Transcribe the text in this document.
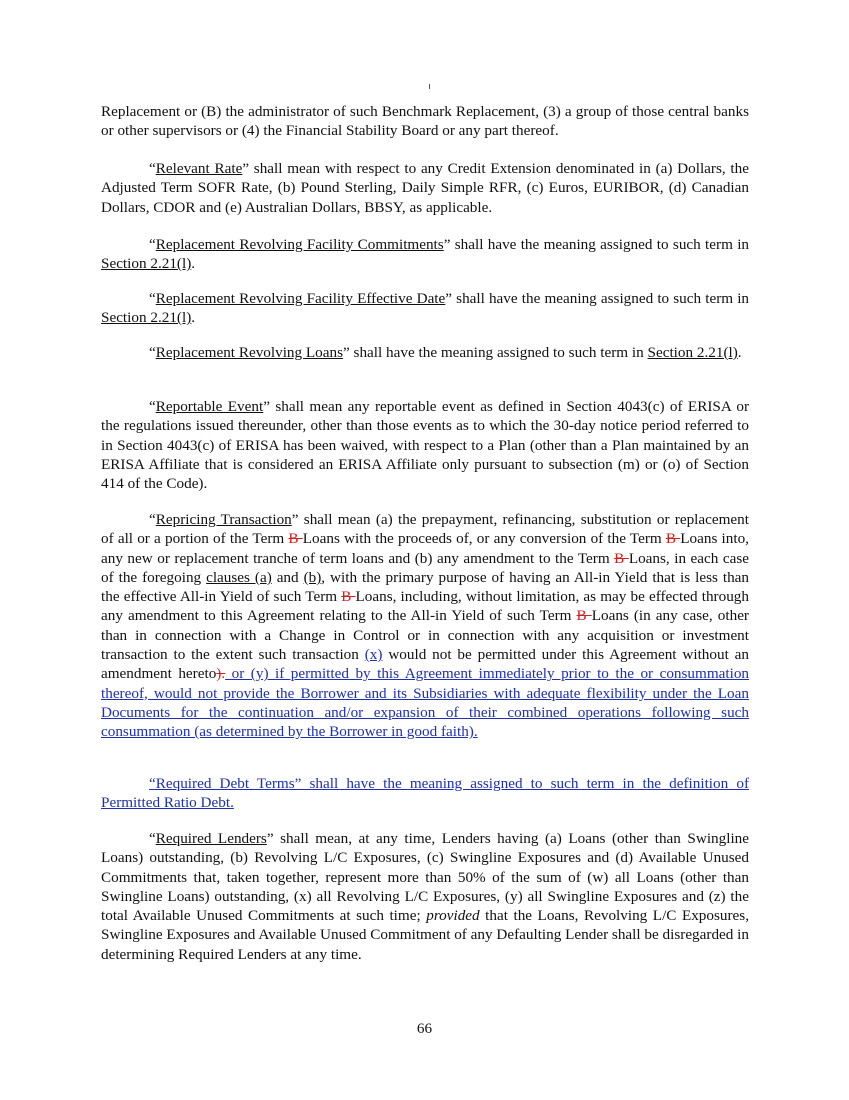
Replacement or (B) the administrator of such Benchmark Replacement, (3) a group of those central banks or other supervisors or (4) the Financial Stability Board or any part thereof.

“Relevant Rate” shall mean with respect to any Credit Extension denominated in (a) Dollars, the Adjusted Term SOFR Rate, (b) Pound Sterling, Daily Simple RFR, (c) Euros, EURIBOR, (d) Canadian Dollars, CDOR and (e) Australian Dollars, BBSY, as applicable.

“Replacement Revolving Facility Commitments” shall have the meaning assigned to such term in Section 2.21(l).

“Replacement Revolving Facility Effective Date” shall have the meaning assigned to such term in Section 2.21(l).

“Replacement Revolving Loans” shall have the meaning assigned to such term in Section 2.21(l).

“Reportable Event” shall mean any reportable event as defined in Section 4043(c) of ERISA or the regulations issued thereunder, other than those events as to which the 30-day notice period referred to in Section 4043(c) of ERISA has been waived, with respect to a Plan (other than a Plan maintained by an ERISA Affiliate that is considered an ERISA Affiliate only pursuant to subsection (m) or (o) of Section 414 of the Code).

“Repricing Transaction” shall mean (a) the prepayment, refinancing, substitution or replacement of all or a portion of the Term B Loans with the proceeds of, or any conversion of the Term B Loans into, any new or replacement tranche of term loans and (b) any amendment to the Term B Loans, in each case of the foregoing clauses (a) and (b), with the primary purpose of having an All-in Yield that is less than the effective All-in Yield of such Term B Loans, including, without limitation, as may be effected through any amendment to this Agreement relating to the All-in Yield of such Term B Loans (in any case, other than in connection with a Change in Control or in connection with any acquisition or investment transaction to the extent such transaction (x) would not be permitted under this Agreement without an amendment hereto). or (y) if permitted by this Agreement immediately prior to the or consummation thereof, would not provide the Borrower and its Subsidiaries with adequate flexibility under the Loan Documents for the continuation and/or expansion of their combined operations following such consummation (as determined by the Borrower in good faith).

“Required Debt Terms” shall have the meaning assigned to such term in the definition of Permitted Ratio Debt.

“Required Lenders” shall mean, at any time, Lenders having (a) Loans (other than Swingline Loans) outstanding, (b) Revolving L/C Exposures, (c) Swingline Exposures and (d) Available Unused Commitments that, taken together, represent more than 50% of the sum of (w) all Loans (other than Swingline Loans) outstanding, (x) all Revolving L/C Exposures, (y) all Swingline Exposures and (z) the total Available Unused Commitments at such time; provided that the Loans, Revolving L/C Exposures, Swingline Exposures and Available Unused Commitment of any Defaulting Lender shall be disregarded in determining Required Lenders at any time.

66
